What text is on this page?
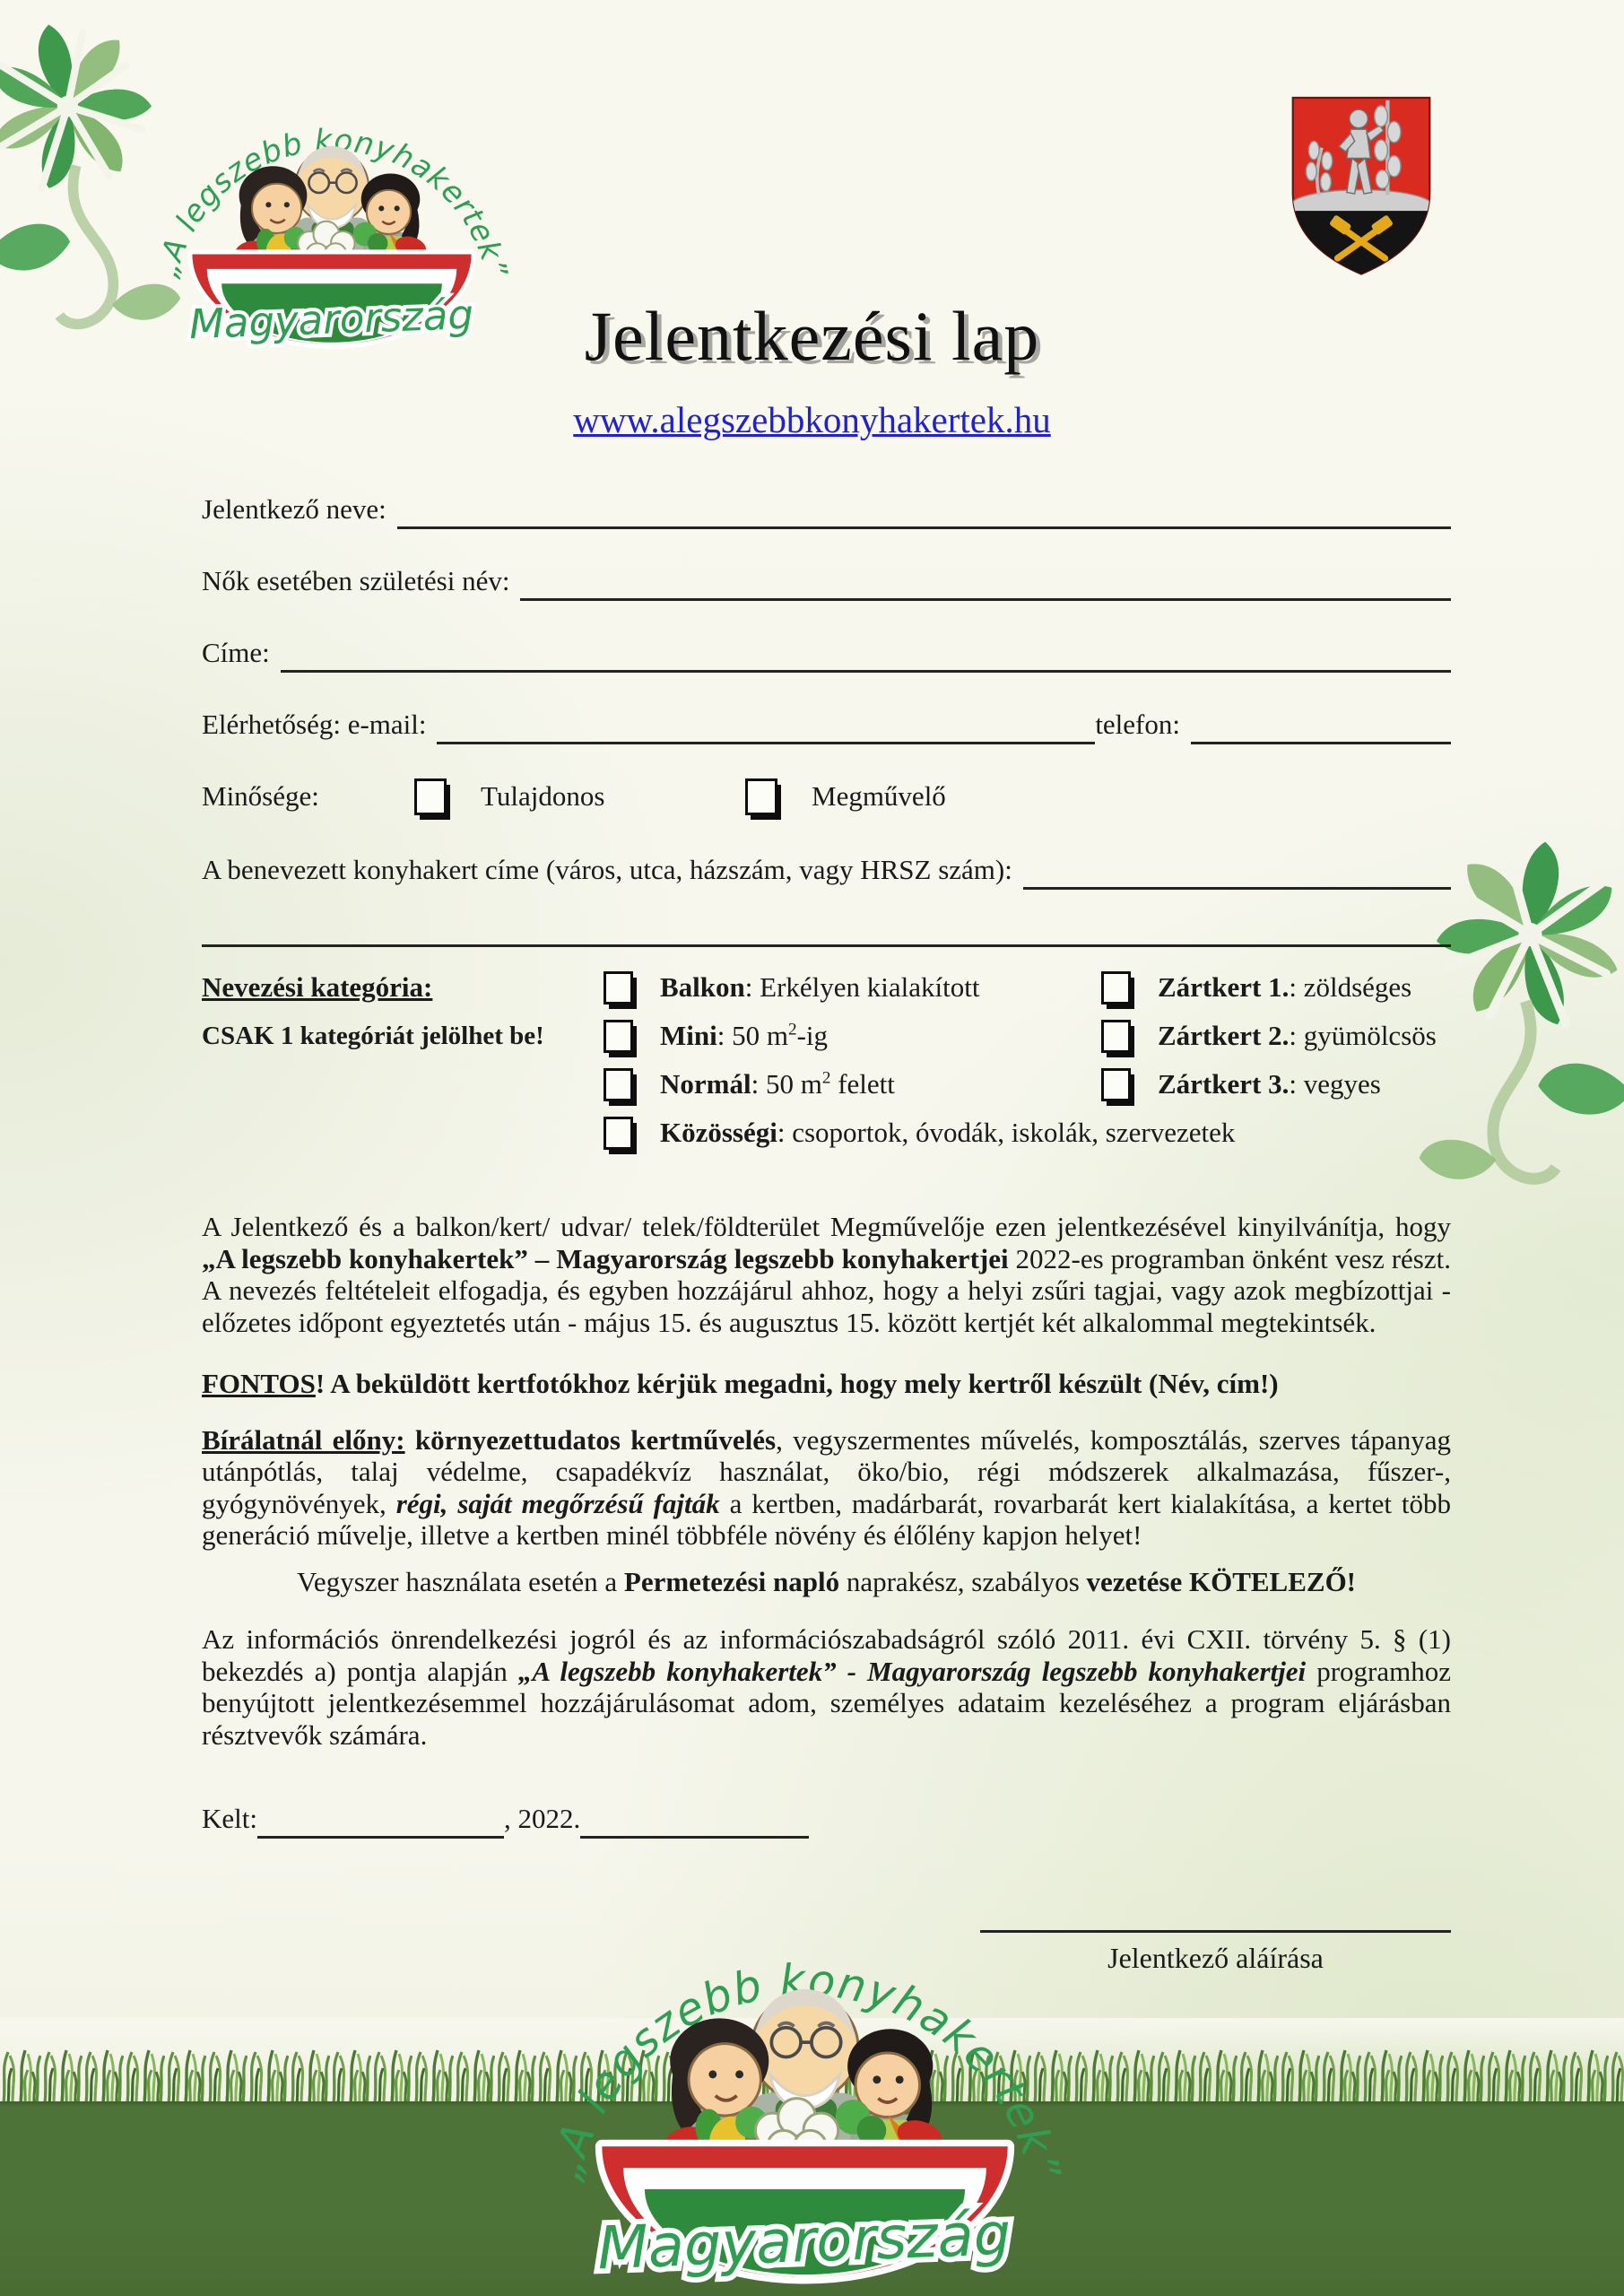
Jelentkezési lap

www.alegszebbkonyhakertek.hu
Jelentkező neve:
Nők esetében születési név:
Címe:
Elérhetőség: e-mail:	telefon:
Minősége:	Tulajdonos	Megművelő
A benevezett konyhakert címe (város, utca, házszám, vagy HRSZ szám):
Nevezési kategória:
CSAK 1 kategóriát jelölhet be!
Balkon: Erkélyen kialakított
Mini: 50 $m^2-ig$
Normál: 50 $m^2$ felett
Közösségi: csoportok, óvodák, iskolák, szervezetek
Zártkert 1.: zöldséges
Zártkert 2.: gyümölcsös
Zártkert 3.: vegyes
A Jelentkező és a balkon/kert/ udvar/ telek/földterület Megművelője ezen jelentkezésével kinyilvánítja, hogy „A legszebb konyhakertek” – Magyarország legszebb konyhakertjei 2022-es programban önként vesz részt. A nevezés feltételeit elfogadja, és egyben hozzájárul ahhoz, hogy a helyi zsűri tagjai, vagy azok megbízottjai - előzetes időpont egyeztetés után - május 15. és augusztus 15. között kertjét két alkalommal megtekintsék.
FONTOS! A beküldött kertfotókhoz kérjük megadni, hogy mely kertről készült (Név, cím!)
Bírálatnál előny: környezettudatos kertművelés, vegyszermentes művelés, komposztálás, szerves tápanyag utánpótlás, talaj védelme, csapadékvíz használat, öko/bio, régi módszerek alkalmazása, fűszer-, gyógynövények, régi, saját megőrzésű fajták a kertben, madárbarát, rovarbarát kert kialakítása, a kertet több generáció művelje, illetve a kertben minél többféle növény és élőlény kapjon helyet!
Vegyszer használata esetén a Permetezési napló naprakész, szabályos vezetése KÖTELEZŐ!
Az információs önrendelkezési jogról és az információszabadságról szóló 2011. évi CXII. törvény 5. § (1) bekezdés a) pontja alapján „A legszebb konyhakertek” - Magyarország legszebb konyhakertjei programhoz benyújtott jelentkezésemmel hozzájárulásomat adom, személyes adataim kezeléséhez a program eljárásban résztvevők számára.
Kelt:	, 2022.
Jelentkező aláírása
